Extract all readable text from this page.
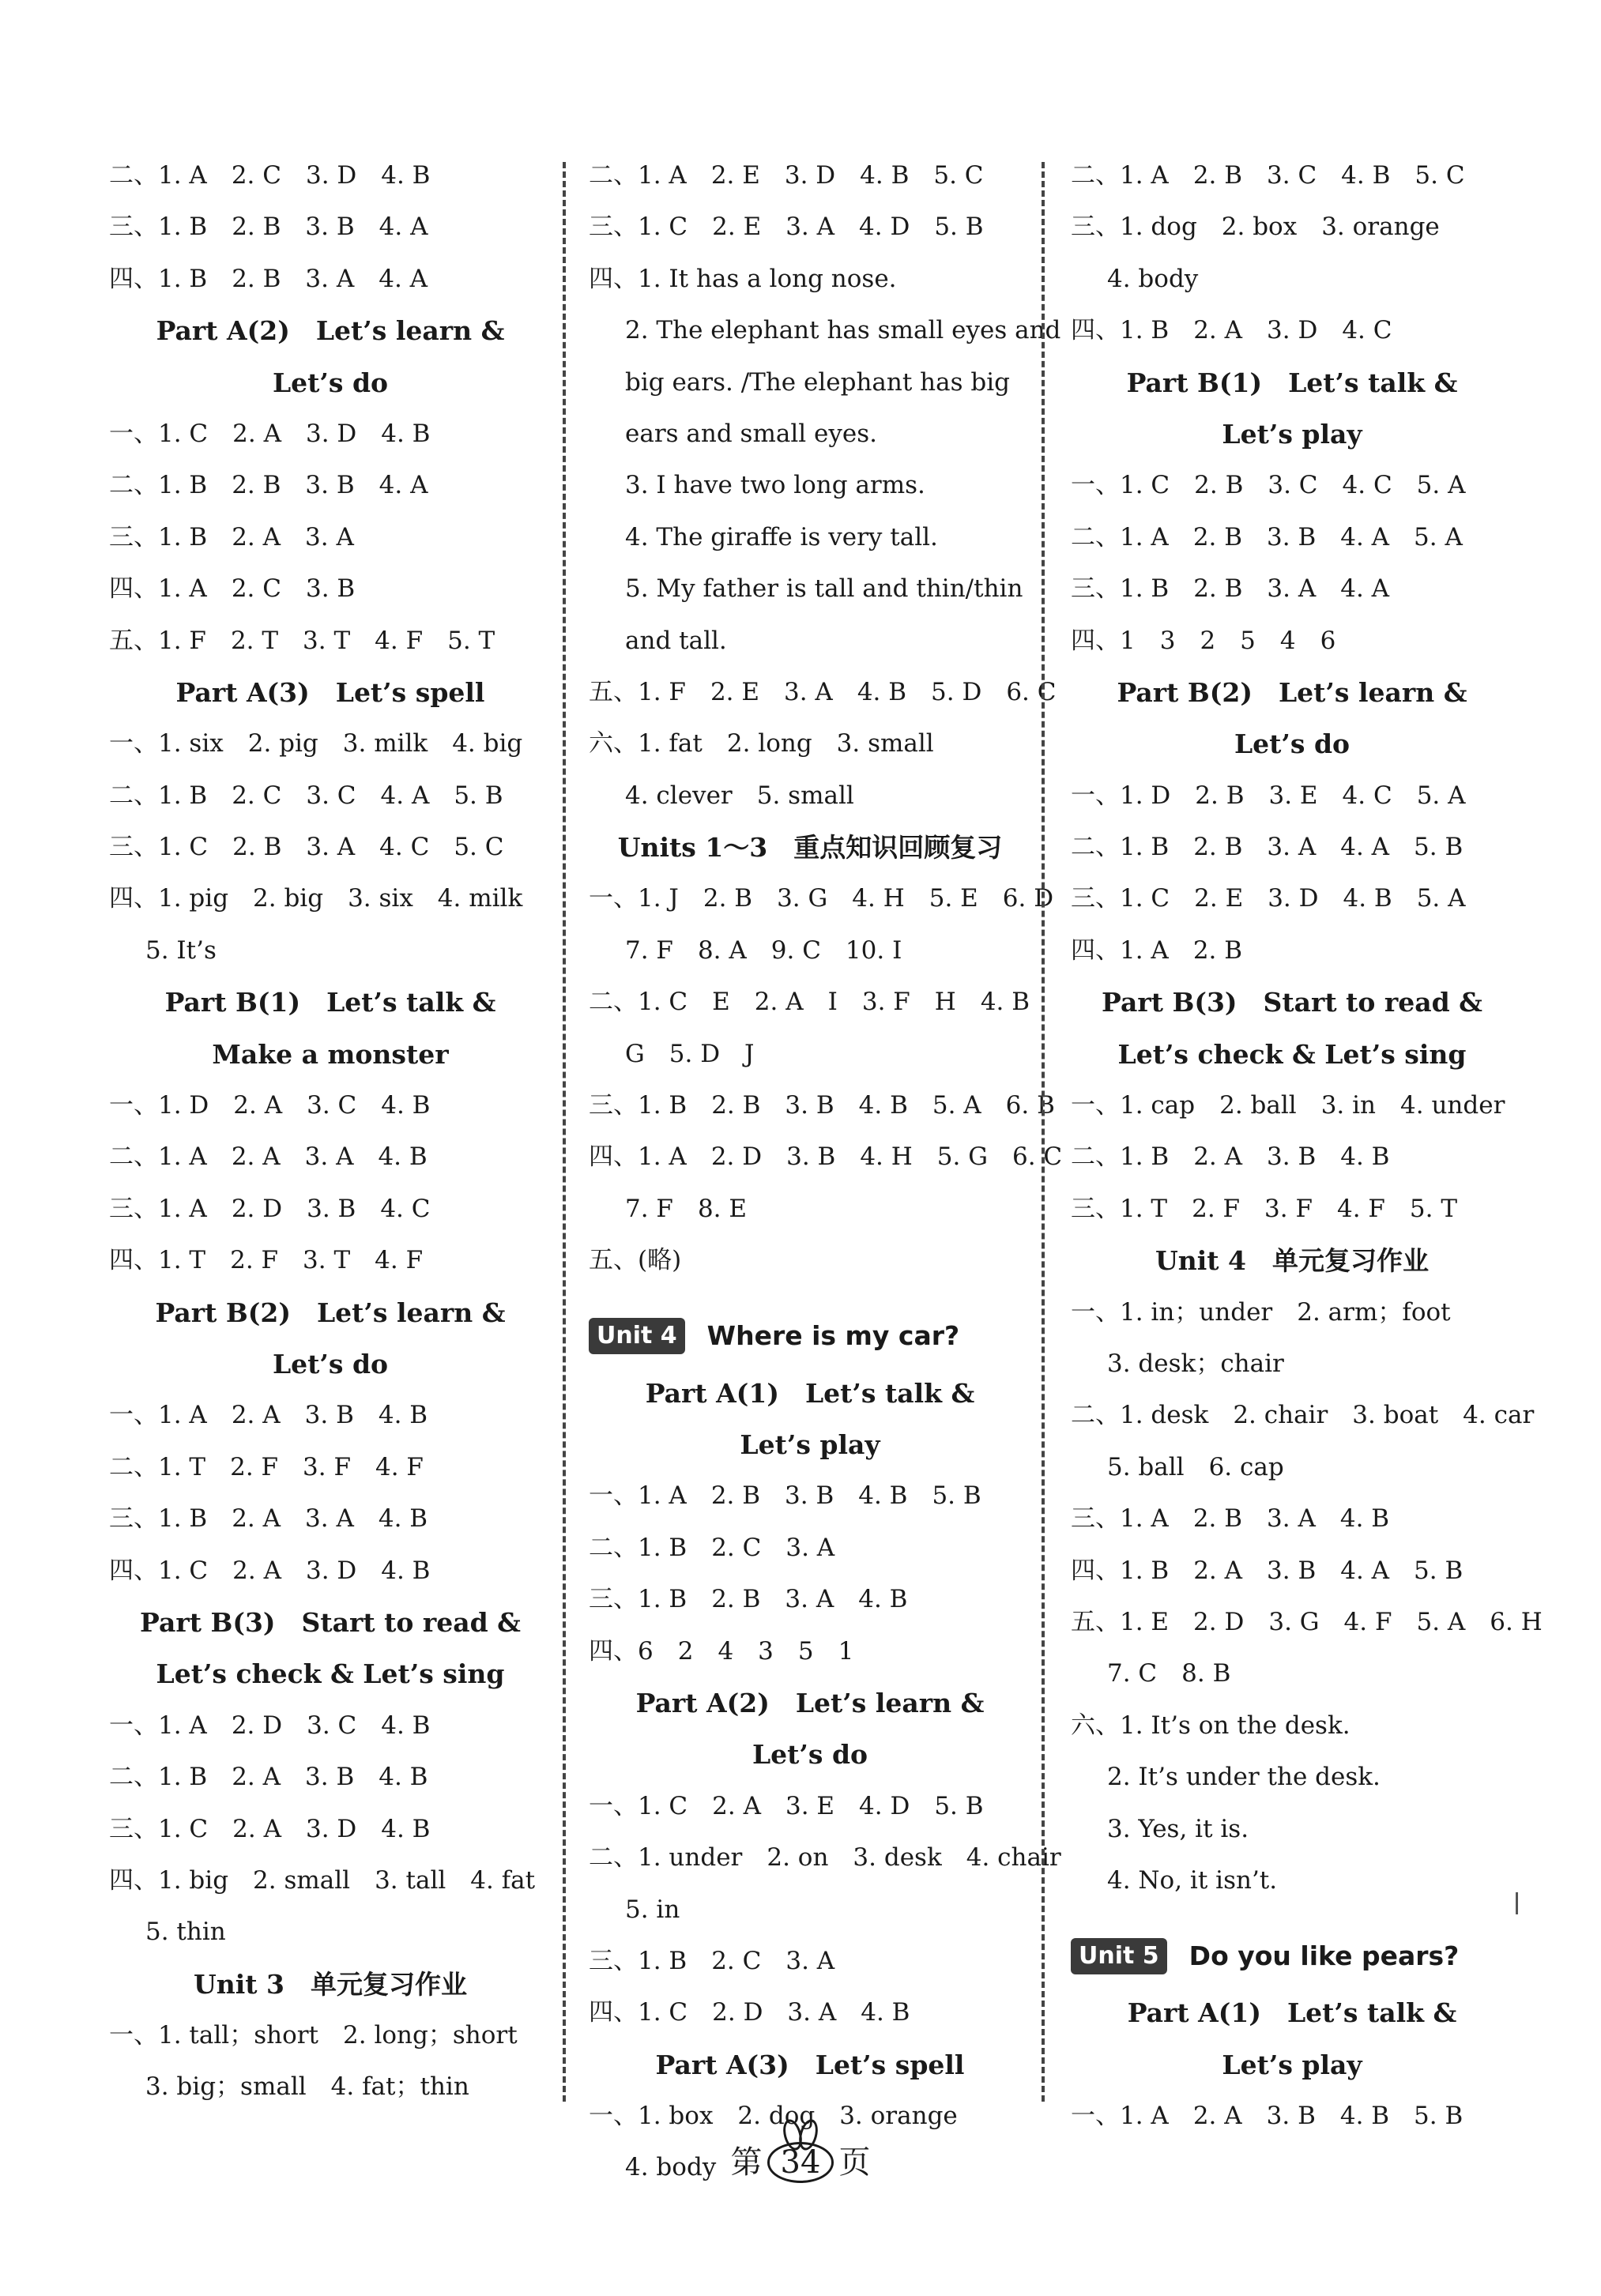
二、1. A　2. C　3. D　4. B
三、1. B　2. B　3. B　4. A
四、1. B　2. B　3. A　4. A
Part A(2)　Let’s learn &
Let’s do
一、1. C　2. A　3. D　4. B
二、1. B　2. B　3. B　4. A
三、1. B　2. A　3. A
四、1. A　2. C　3. B
五、1. F　2. T　3. T　4. F　5. T
Part A(3)　Let’s spell
一、1. six　2. pig　3. milk　4. big
二、1. B　2. C　3. C　4. A　5. B
三、1. C　2. B　3. A　4. C　5. C
四、1. pig　2. big　3. six　4. milk
5. It’s
Part B(1)　Let’s talk &
Make a monster
一、1. D　2. A　3. C　4. B
二、1. A　2. A　3. A　4. B
三、1. A　2. D　3. B　4. C
四、1. T　2. F　3. T　4. F
Part B(2)　Let’s learn &
Let’s do
一、1. A　2. A　3. B　4. B
二、1. T　2. F　3. F　4. F
三、1. B　2. A　3. A　4. B
四、1. C　2. A　3. D　4. B
Part B(3)　Start to read &
Let’s check & Let’s sing
一、1. A　2. D　3. C　4. B
二、1. B　2. A　3. B　4. B
三、1. C　2. A　3. D　4. B
四、1. big　2. small　3. tall　4. fat
5. thin
Unit 3　单元复习作业
一、1. tall；short　2. long；short
3. big；small　4. fat；thin
二、1. A　2. E　3. D　4. B　5. C
三、1. C　2. E　3. A　4. D　5. B
四、1. It has a long nose.
2. The elephant has small eyes and
big ears. /The elephant has big
ears and small eyes.
3. I have two long arms.
4. The giraffe is very tall.
5. My father is tall and thin/thin
and tall.
五、1. F　2. E　3. A　4. B　5. D　6. C
六、1. fat　2. long　3. small
4. clever　5. small
Units 1～3　重点知识回顾复习
一、1. J　2. B　3. G　4. H　5. E　6. D
7. F　8. A　9. C　10. I
二、1. C　E　2. A　I　3. F　H　4. B
G　5. D　J
三、1. B　2. B　3. B　4. B　5. A　6. B
四、1. A　2. D　3. B　4. H　5. G　6. C
7. F　8. E
五、(略)
Unit 4 Where is my car?
Part A(1)　Let’s talk &
Let’s play
一、1. A　2. B　3. B　4. B　5. B
二、1. B　2. C　3. A
三、1. B　2. B　3. A　4. B
四、6　2　4　3　5　1
Part A(2)　Let’s learn &
Let’s do
一、1. C　2. A　3. E　4. D　5. B
二、1. under　2. on　3. desk　4. chair
5. in
三、1. B　2. C　3. A
四、1. C　2. D　3. A　4. B
Part A(3)　Let’s spell
一、1. box　2. dog　3. orange
4. body
二、1. A　2. B　3. C　4. B　5. C
三、1. dog　2. box　3. orange
4. body
四、1. B　2. A　3. D　4. C
Part B(1)　Let’s talk &
Let’s play
一、1. C　2. B　3. C　4. C　5. A
二、1. A　2. B　3. B　4. A　5. A
三、1. B　2. B　3. A　4. A
四、1　3　2　5　4　6
Part B(2)　Let’s learn &
Let’s do
一、1. D　2. B　3. E　4. C　5. A
二、1. B　2. B　3. A　4. A　5. B
三、1. C　2. E　3. D　4. B　5. A
四、1. A　2. B
Part B(3)　Start to read &
Let’s check & Let’s sing
一、1. cap　2. ball　3. in　4. under
二、1. B　2. A　3. B　4. B
三、1. T　2. F　3. F　4. F　5. T
Unit 4　单元复习作业
一、1. in；under　2. arm；foot
3. desk；chair
二、1. desk　2. chair　3. boat　4. car
5. ball　6. cap
三、1. A　2. B　3. A　4. B
四、1. B　2. A　3. B　4. A　5. B
五、1. E　2. D　3. G　4. F　5. A　6. H
7. C　8. B
六、1. It’s on the desk.
2. It’s under the desk.
3. Yes, it is.
4. No, it isn’t.
Unit 5 Do you like pears?
Part A(1)　Let’s talk &
Let’s play
一、1. A　2. A　3. B　4. B　5. B
第 34 页
